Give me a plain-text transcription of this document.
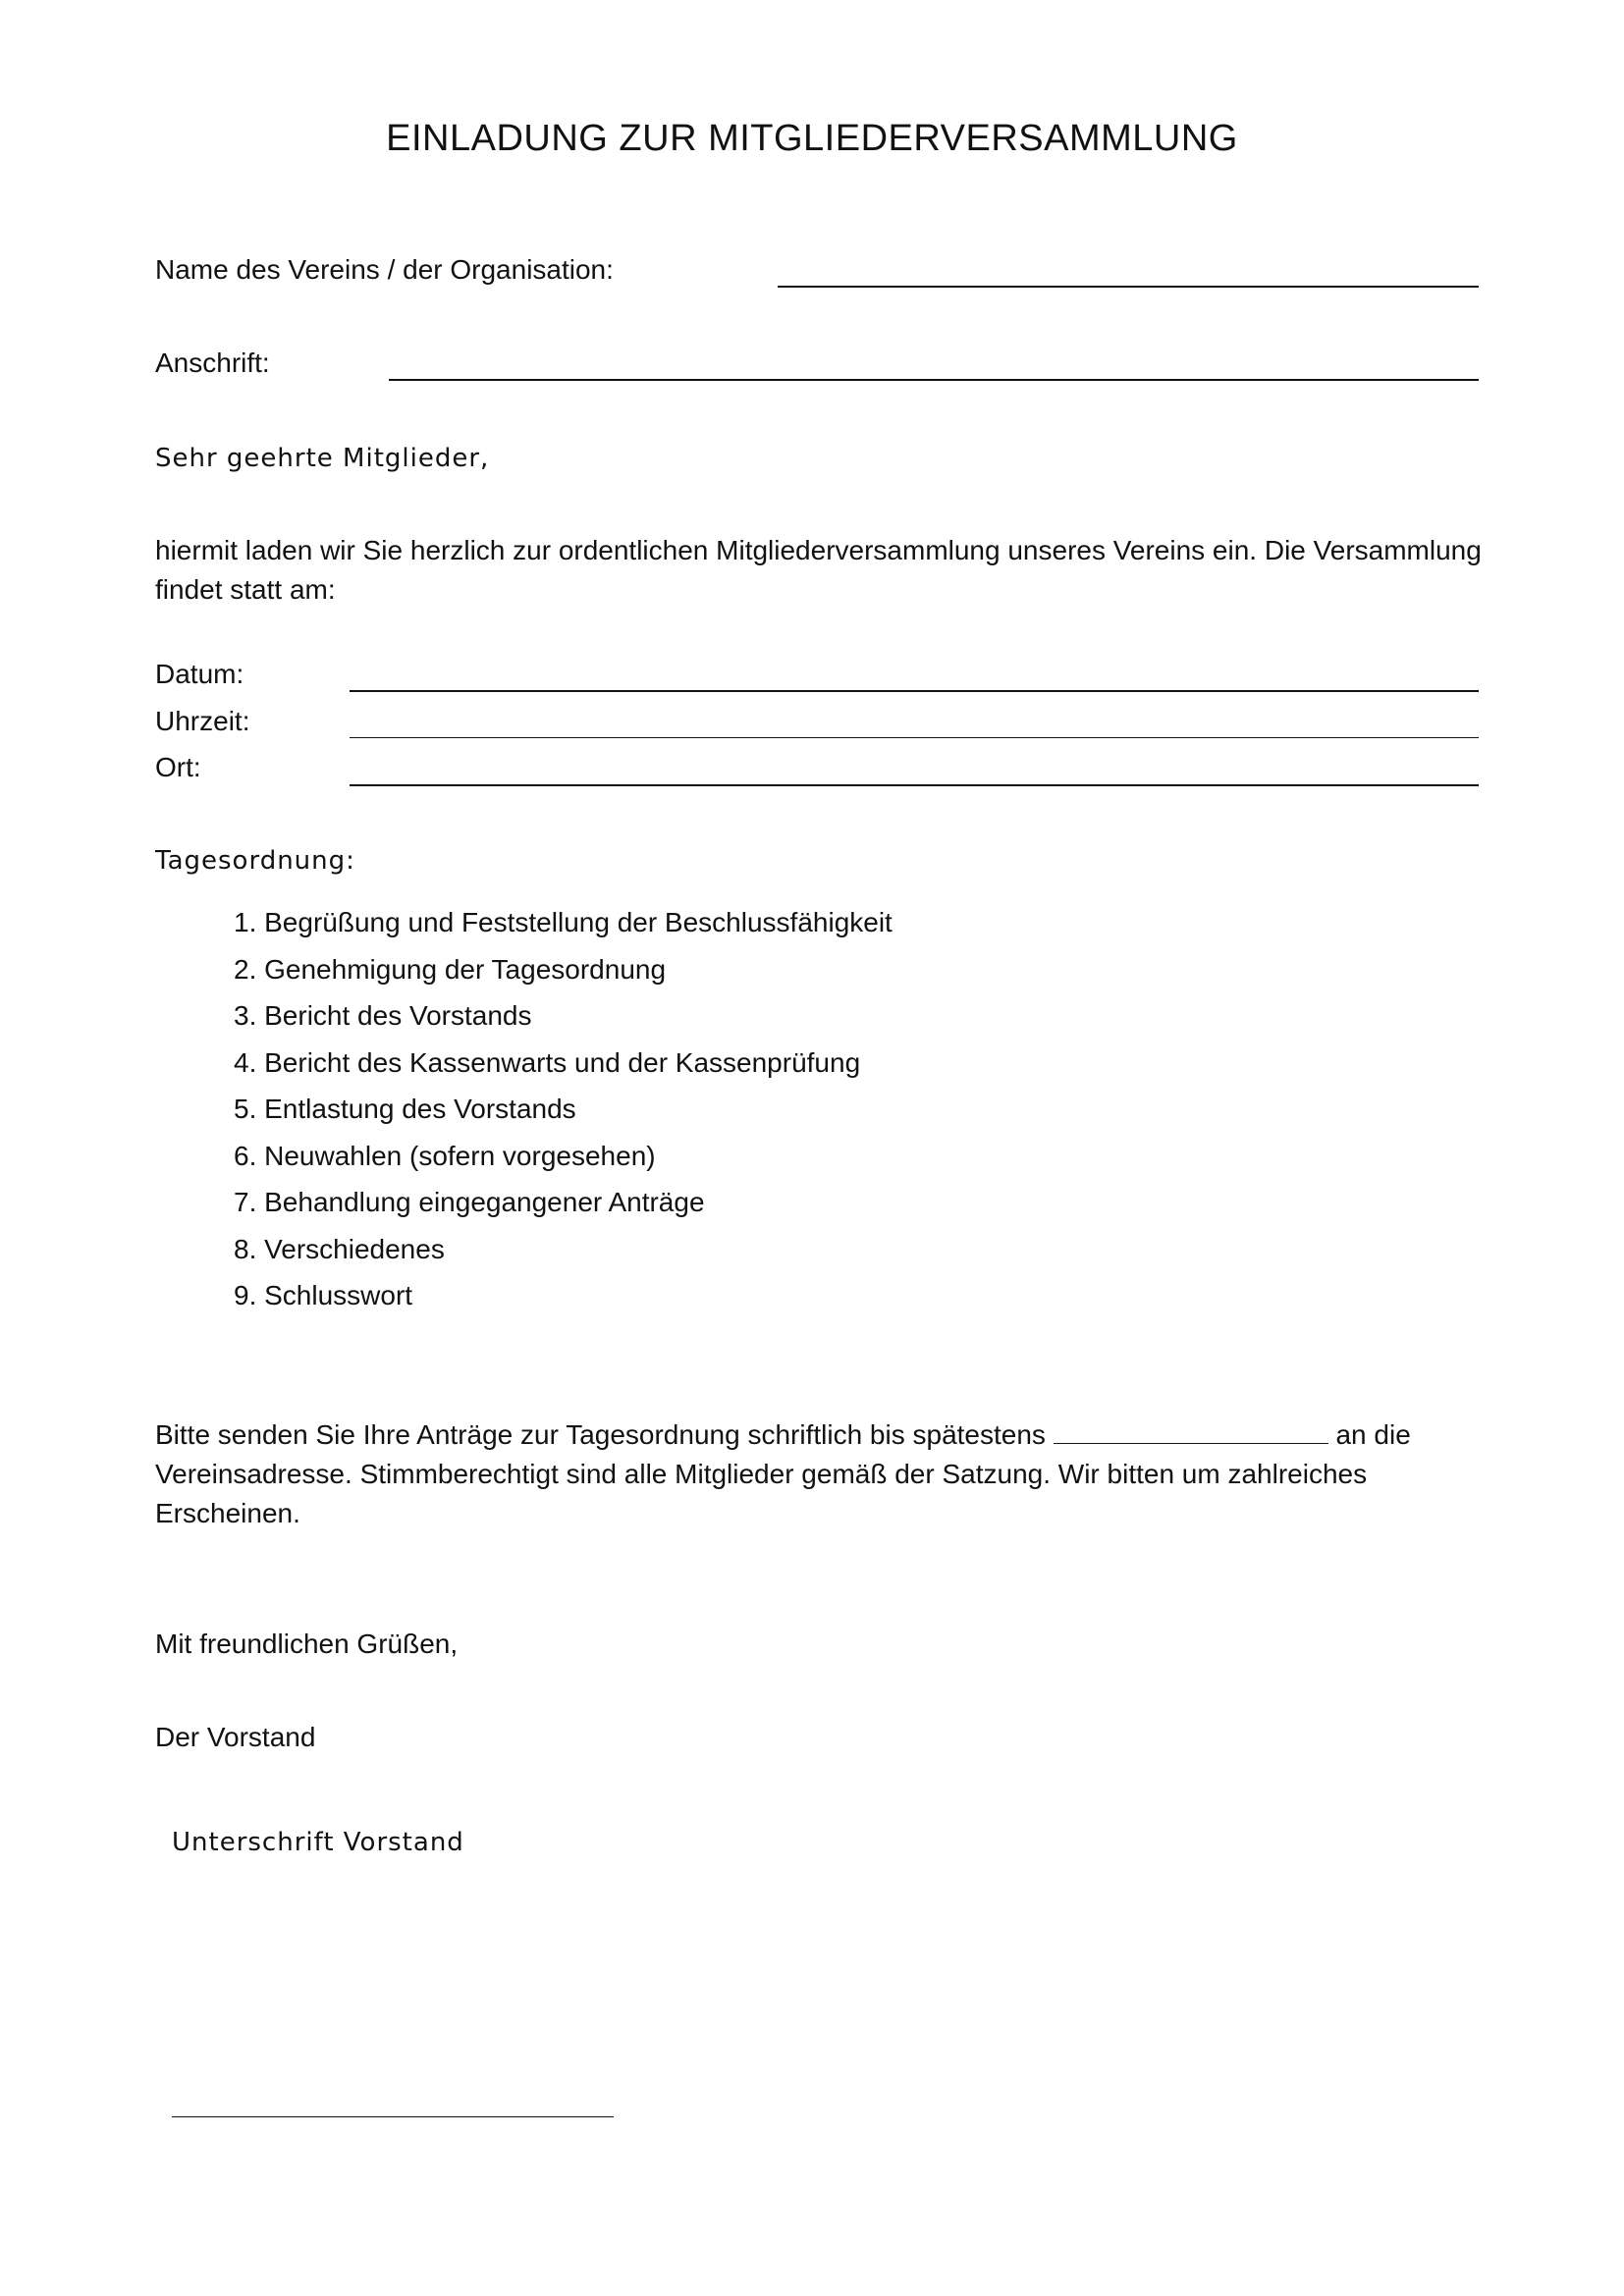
EINLADUNG ZUR MITGLIEDERVERSAMMLUNG
Name des Vereins / der Organisation:
Anschrift:
Sehr geehrte Mitglieder,
hiermit laden wir Sie herzlich zur ordentlichen Mitgliederversammlung unseres Vereins ein. Die Versammlung findet statt am:
Datum:
Uhrzeit:
Ort:
Tagesordnung:
1. Begrüßung und Feststellung der Beschlussfähigkeit
2. Genehmigung der Tagesordnung
3. Bericht des Vorstands
4. Bericht des Kassenwarts und der Kassenprüfung
5. Entlastung des Vorstands
6. Neuwahlen (sofern vorgesehen)
7. Behandlung eingegangener Anträge
8. Verschiedenes
9. Schlusswort
Bitte senden Sie Ihre Anträge zur Tagesordnung schriftlich bis spätestens	an die Vereinsadresse. Stimmberechtigt sind alle Mitglieder gemäß der Satzung. Wir bitten um zahlreiches Erscheinen.
Mit freundlichen Grüßen,
Der Vorstand
Unterschrift Vorstand
